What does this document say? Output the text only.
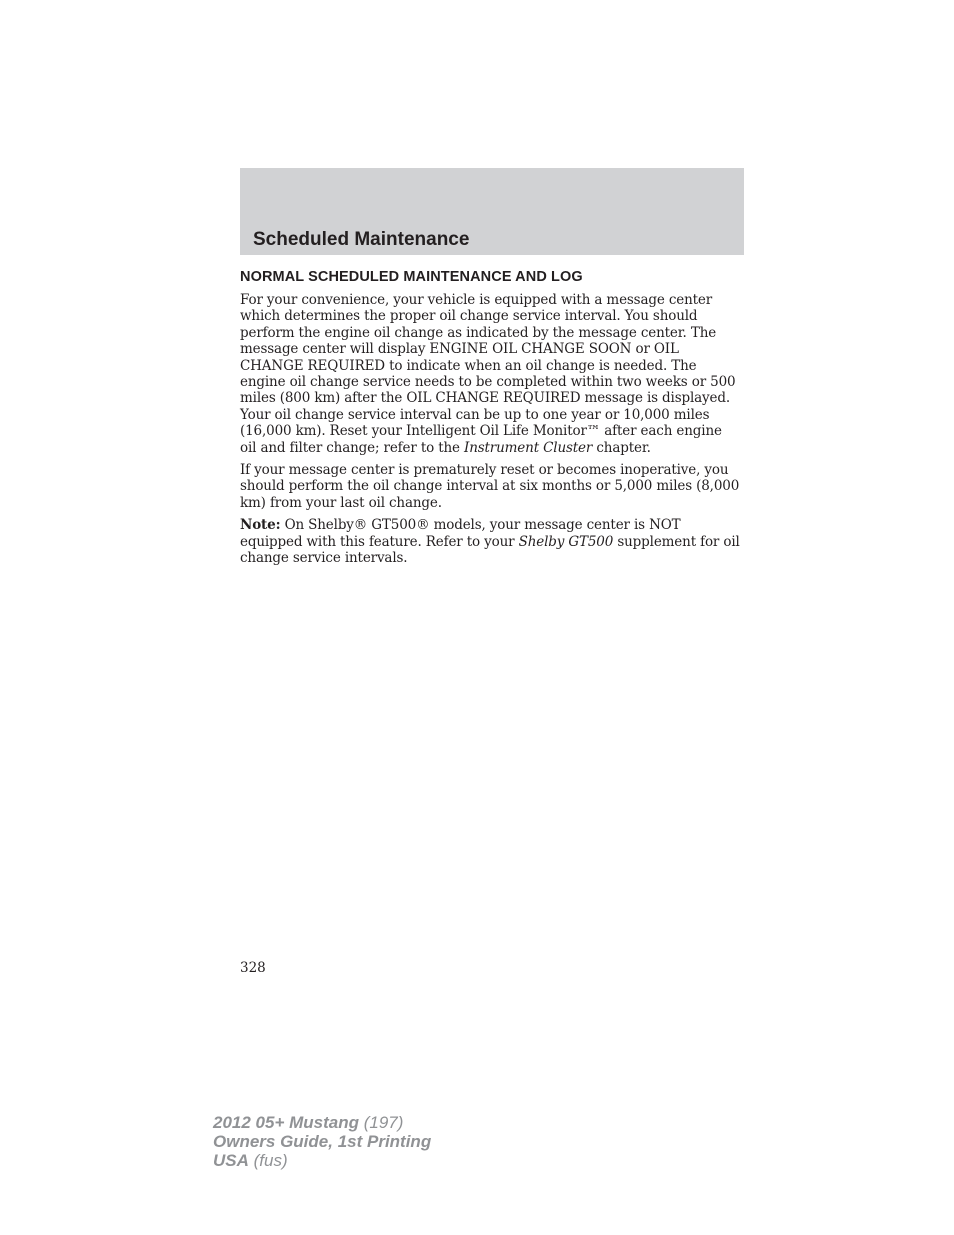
Scheduled Maintenance
NORMAL SCHEDULED MAINTENANCE AND LOG

For your convenience, your vehicle is equipped with a message center which determines the proper oil change service interval. You should perform the engine oil change as indicated by the message center. The message center will display ENGINE OIL CHANGE SOON or OIL CHANGE REQUIRED to indicate when an oil change is needed. The engine oil change service needs to be completed within two weeks or 500 miles (800 km) after the OIL CHANGE REQUIRED message is displayed. Your oil change service interval can be up to one year or 10,000 miles (16,000 km). Reset your Intelligent Oil Life Monitor™ after each engine oil and filter change; refer to the Instrument Cluster chapter.

If your message center is prematurely reset or becomes inoperative, you should perform the oil change interval at six months or 5,000 miles (8,000 km) from your last oil change.

Note: On Shelby® GT500® models, your message center is NOT equipped with this feature. Refer to your Shelby GT500 supplement for oil change service intervals.

328
2012 05+ Mustang (197)
Owners Guide, 1st Printing
USA (fus)
